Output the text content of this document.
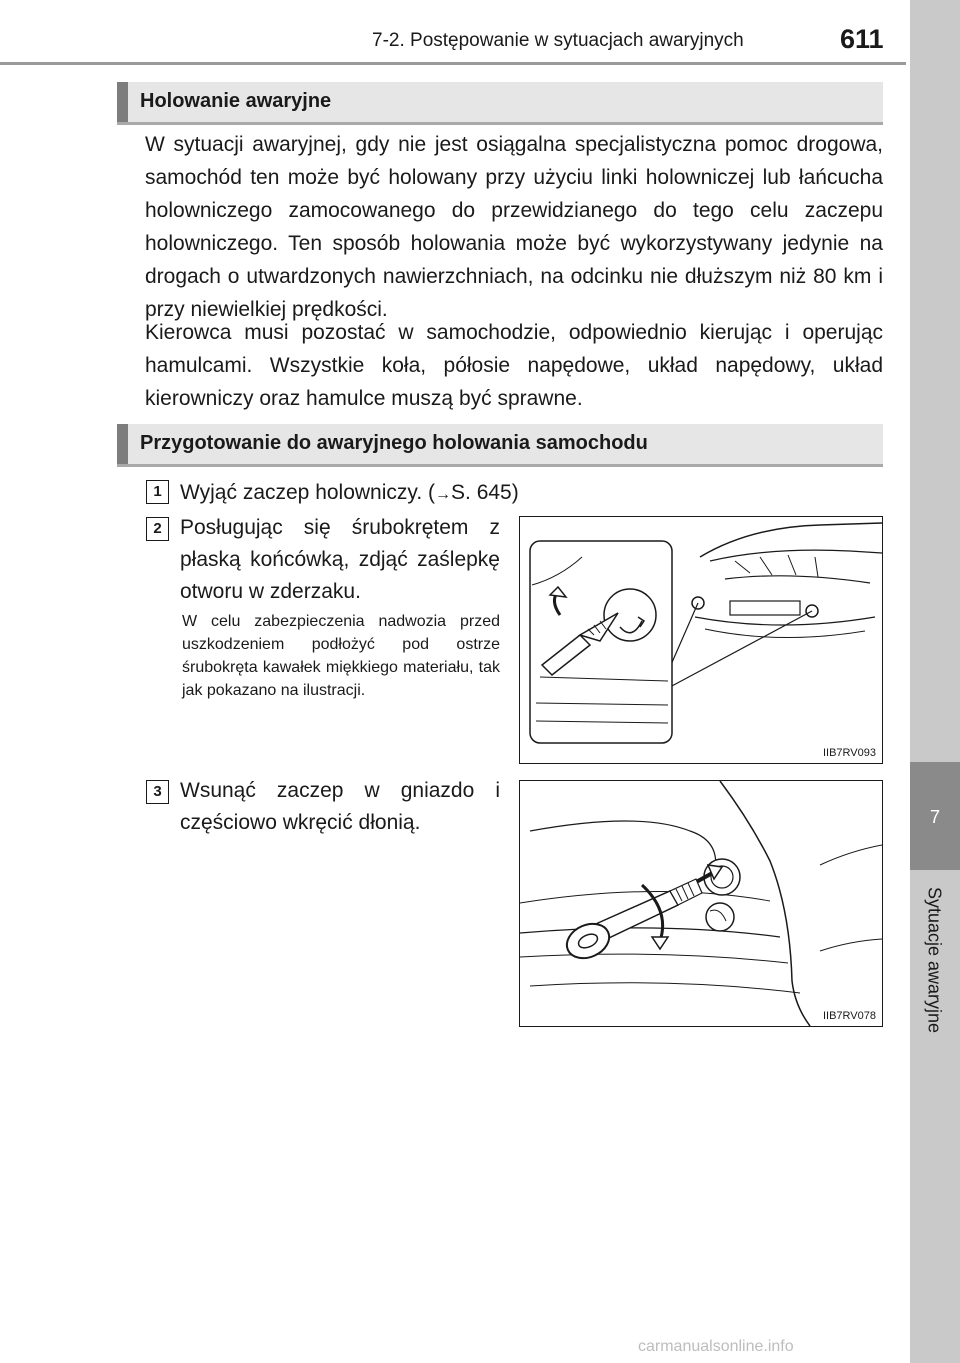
7-2. Postępowanie w sytuacjach awaryjnych	611
7
Sytuacje awaryjne
Holowanie awaryjne

W sytuacji awaryjnej, gdy nie jest osiągalna specjalistyczna pomoc drogowa, samochód ten może być holowany przy użyciu linki holowniczej lub łańcucha holowniczego zamocowanego do przewidzianego do tego celu zaczepu holowniczego. Ten sposób holowania może być wykorzystywany jedynie na drogach o utwardzonych nawierzchniach, na odcinku nie dłuższym niż 80 km i przy niewielkiej prędkości.

Kierowca musi pozostać w samochodzie, odpowiednio kierując i operując hamulcami. Wszystkie koła, półosie napędowe, układ napędowy, układ kierowniczy oraz hamulce muszą być sprawne.

Przygotowanie do awaryjnego holowania samochodu
1 Wyjąć zaczep holowniczy. (→S. 645)

2 Posługując się śrubokrętem z płaską końcówką, zdjąć zaślepkę otworu w zderzaku.

W celu zabezpieczenia nadwozia przed uszkodzeniem podłożyć pod ostrze śrubokręta kawałek miękkiego materiału, tak jak pokazano na ilustracji.

IIB7RV093
3 Wsunąć zaczep w gniazdo i częściowo wkręcić dłonią.

IIB7RV078
carmanualsonline.info
